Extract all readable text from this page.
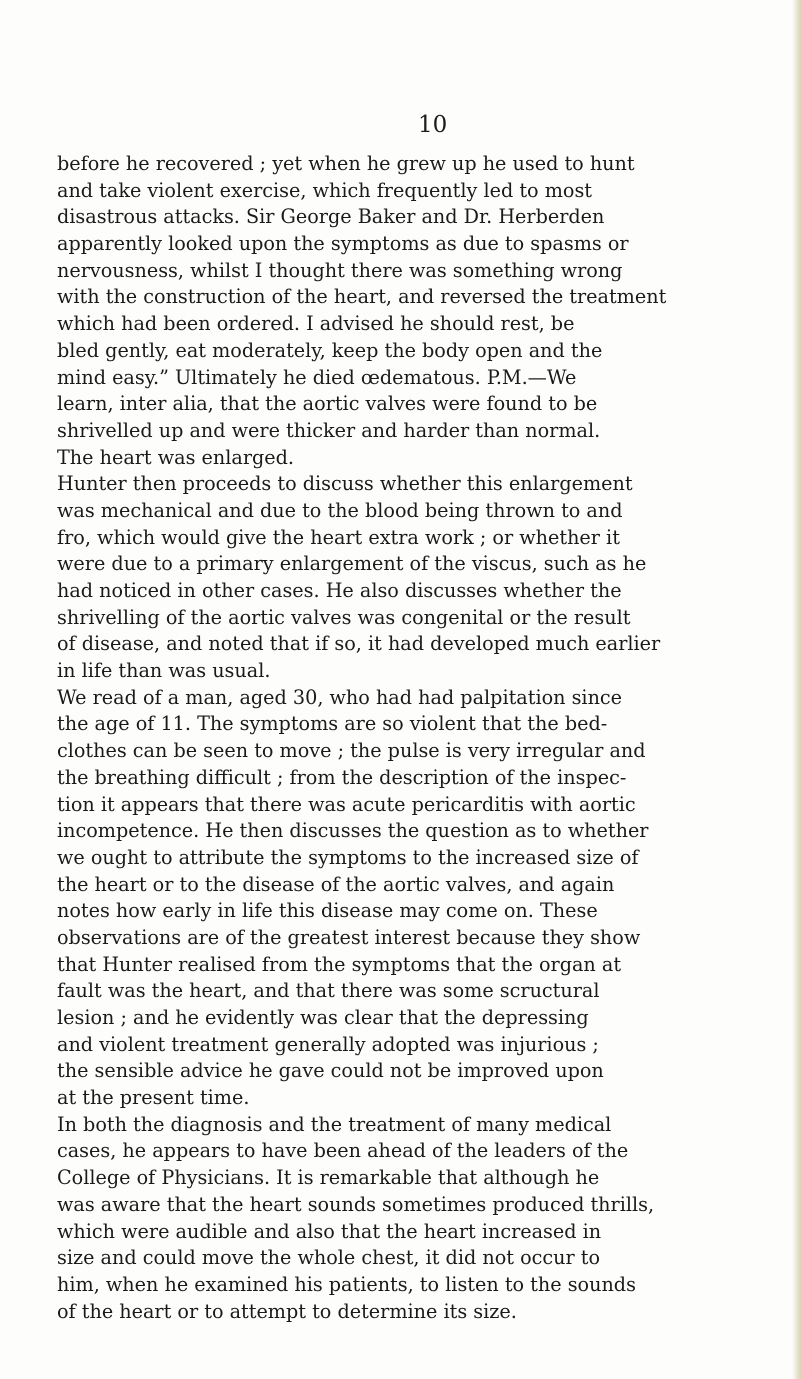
10

before he recovered ; yet when he grew up he used to hunt
and take violent exercise, which frequently led to most
disastrous attacks. Sir George Baker and Dr. Herberden
apparently looked upon the symptoms as due to spasms or
nervousness, whilst I thought there was something wrong
with the construction of the heart, and reversed the treatment
which had been ordered. I advised he should rest, be
bled gently, eat moderately, keep the body open and the
mind easy.” Ultimately he died œdematous. P.M.—We
learn, inter alia, that the aortic valves were found to be
shrivelled up and were thicker and harder than normal.
The heart was enlarged.
Hunter then proceeds to discuss whether this enlargement
was mechanical and due to the blood being thrown to and
fro, which would give the heart extra work ; or whether it
were due to a primary enlargement of the viscus, such as he
had noticed in other cases. He also discusses whether the
shrivelling of the aortic valves was congenital or the result
of disease, and noted that if so, it had developed much earlier
in life than was usual.
We read of a man, aged 30, who had had palpitation since
the age of 11. The symptoms are so violent that the bed-
clothes can be seen to move ; the pulse is very irregular and
the breathing difficult ; from the description of the inspec-
tion it appears that there was acute pericarditis with aortic
incompetence. He then discusses the question as to whether
we ought to attribute the symptoms to the increased size of
the heart or to the disease of the aortic valves, and again
notes how early in life this disease may come on. These
observations are of the greatest interest because they show
that Hunter realised from the symptoms that the organ at
fault was the heart, and that there was some scructural
lesion ; and he evidently was clear that the depressing
and violent treatment generally adopted was injurious ;
the sensible advice he gave could not be improved upon
at the present time.
In both the diagnosis and the treatment of many medical
cases, he appears to have been ahead of the leaders of the
College of Physicians. It is remarkable that although he
was aware that the heart sounds sometimes produced thrills,
which were audible and also that the heart increased in
size and could move the whole chest, it did not occur to
him, when he examined his patients, to listen to the sounds
of the heart or to attempt to determine its size.
